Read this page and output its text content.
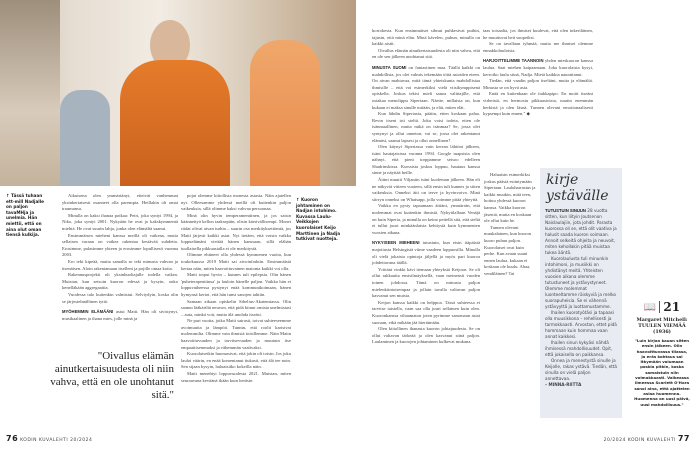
↑ Tässä tuhaan ett-mill Nadjalle on paljon tavaMHja ja unelmia. Hän miettii, että on aina olut oman tienså kulkija.
↑ Kuoron johtaminen on Nadjan intohimo. Kuvassa Laulu-Veikkojen kuorolaiset Keijo Marttinen ja Nadja tutkivat nuotteja.

Aikuisena olen ymmärtänyt, etteivät vanhemmat yksinkertaisesti osanneet olla parempia. Heillakin oli omat traumansa.

Minulla on kaksi ihanaa poikaa: Petri, joka syntyi 1994, ja Niko, joka syntyi 2001. Nykyään he ovat jo kakskymmentä miehiä. He ovat suurin lahja, jonka olen elämältä saanut.

Ensimmäisen mieheni kanssa meillä oli vaikeaa, mutta sellaisen varaan on vaikea rakentaa kestävää suhdetta. Erosimme, palasimme yhteen ja erosimme lopullisesti vuonna 2003.

Ero teki kipeää, mutta samalla se teki minusta vahvan ja itsenäisen. Aloin rakentamaan itselleni ja pojille omaa kotia.

Rakennusprojekti oli yksinhuoltajalle todella vaikea. Muistan, kun seisoin kuoron edessä ja kysyin, onko kenelläkään aggregaattia.

Vuodessa talo kuitenkin valmistui. Selviydyin, koska olin se järjestelmällinen tyttö.

MYÖHEMMIN ELÄMÄÄNI astui Matti. Hän oli sivistynyt, musikaalinen ja ihana mies, jolle minä ja

pojat olemme kiitollisia monesta asiasta. Näin ajatellen nyt. Olleesamme yhdessä meillä oli kuitenkin paljon vaikeuksia, sillä olimme kaksi vahvaa persoonaa.

Minä olin hyvin temperamenttinen, ja jos saisin käännettyä kellon taaksepäin, olisin kärsivällisempi. Monet riidat olivat aivan turhia – suurin osa merkityksettömiä, jos Matti järjesti kaikki asiat. Nyt tietäen, että voisin vaikka loppuelämäni viettää hänen kanssaan, sillä elähän tuollaisella pikkuasialla ei ole merkitystä.

Olimme ehtineet olla yhdessä kymmenen vuotta, kun toukokuussa 2019 Matti sai aivoinfarktin. Ensimmäistä kertaa näin, miten haavoittuvainen matonta kaikki voi olla.

Matti toipui hyvin – kunnes tuli epilepsia. Olin hänen 'puheterapeuttinsa' ja lauloin hänelle paljon. Vaikka hän ei loppuvaiheessa pystynyt enää kommunikoimaan, hänen hymynsä kertoi, että hän tunsi sanojen tahtiin.

Samaan aikaan opiskelin Sibelius-Akatemiassa. Olin saanut lääkäriltä neuvon, että pidä kiinni omista unelmistasi – auta, minkä voit, mutta älä unohda itseäsi.

Ne pari vuotta, jotka Matti sairasti, toivat suhteeseemme avoimuutta ja lämpöä. Tunnin, että roolit karisivat molemmilta. Olimme vain ihmisiä toisillemme. Näin Matin haavoittuvuuden ja tarvitsevuuden ja muutuin itse empaattisemmaksi ja vähemmän vaativaksi.

Kuorolaisetkin huomasivat, että jokin oli toisin. Jos joku lauloi väärin, en enää komentanut tiukasti, että älä tee noin. Sen sijaan kysyin, haluaisitko kokeilla näin.

Matti menehtyi loppuvuodesta 2021. Muistan, miten seuraavana keväänä ikään kuin heräsin

"Oivallus elämän ainutkertaisuudesta oli niin vahva, että en ole unohtanut sitä."
76 KODIN KUVALEHTI 20/2024

horrokesta. Kun ensimmäiset silmut puhkesivat puihin, tajusin, että minä elän. Minä kävelen, puhun, minulla on kaikki aistit.

Oivallus elämän ainutkertaisuudesta oli niin vahva, että en ole sen jälkeen unohtanut sitä.

MINUSTA SUOMI on fantastinen maa. Täällä kaikki on mahdollista, jos olet valmis tekemään töitä asioiden eteen. On aivan mahtavaa, mitä tämä yhteiskunta mahdollistaa ihmisille – että voi esimerkiksi vielä viisikymppisenä opiskella. Joskus tekisi mieli sanoa valittajille, että ostakaa menolippu Siperiaan. Näette, millaista on, kun kukaan ei maksa sinulle mitään, ja elät, miten elät.

Kun lähdin Siperiasta, päätin, etten koskaan palaa. Revin itseni irti sieltä. Joku voisi todeta, etten ole isänmaallinen, mutta mikä on isänmaa? Se, jossa olet syntynyt ja ollut onneton, vai se, jossa olet rakentanut elämäsi, saanut lapsesi ja ollut onnellinen?

Olen käynyt Siperiassa vain kerran lähtöni jälkeen, isäni hautajaisissa vuonna 1994. Google mapsista olen nähnyt, että pieni torppamme seisoo edelleen Shadrinskissa. Kurssista joskus loppuu, hautaus kanssa sinne ja näyttää heille.

Äitini muutti Viljaniin isäni kuoleman jälkeen. Hän eli ne näkyvät viiteen vuoteen, sillä ensin tuli kunnes ja sitten vaikeuksia. Onneksi äiti on terve ja hyvinvoiva. Minä siirryn onneksi on Whatsapp, jolla voimme pitää yhteyttä.

Vaikka en pysty tapaamaan äitiäni, ymmärrän, että molemmat ovat kuitenkin ihmisiä. Nykytilallaan Venäjä on kuin Siperia, ja minulla on keino peitellä sitä, että sieltä ei tullut juuri minkäänlaista kehitystä kuin kymmenien vuosien aikana.

NYKYISEEN MIEHEENI tutustuin, kun etsin itäpäistä majoitusta Helsingistä viime vaadeen loppuosilla. Minulla oli vielä jokaista opintoja jäljellä ja myös pari kuoroa johdettavana täällä.

Yrittäni vinkki kävi tiemaan yhteyksiä Keijoon. Se oli ollut rakkautta ensisilmäyksellä, vaan meinensit vuoden toinen johdossa. Tämä on minusta paljon mielenkiintoisempaa ja jollain tavalla valtavan paljon kasvanut sen muista.

Keijon kanssa kaikki on helppoa. Tässä suhteessa ei tarvitse taistella, vaan saa olla juuri sellainen kuin olen. Kuoronkanssa vihaamaton joten pyrimme sanomaan asiat suoraan, eikä mikään jää hiertämään.

Olen kiitollinen ihanasta kuoron johtajuudesta. Se on ollut valtavan tärkeää ja olen kasvanut siinä paljon. Laulaminen ja kuorojen johtaminen kulkevat mukana.

taas toisaalta, jos ihmiset kuulevat, että olen inkeriläinen, he muuttuvat heti suopeiksi.

Se on tavallaan tyhmää, mutta me ihmiset olemme ennakkoluuloisia.

HARJOITTELIMME TAANNOIN yhden mieskuoron kanssa laulua. Saat miehen kaipaamaan. Joka kuorolaista kysyi, kerroiko laulu siinä, Nadja. Mietä kaikkia naurattanut.

Tiedän, että vaadin paljon itseltäni, mutta ja elämältä. Minusta se on hyvä asia.

Enää en kuitenkaan ole tiukkapipo. En moiti itseäni virheistä, en hermostu pikkuasioista, nautin enemmän herkistä ja olen läsnä. Tunnen olevani emotionaalisesti kypsempi kuin ennen." ◆

Haluaisin esimerkiksi joskus päästä esiintymään Siperiaan. Lauluharrastus ja kaikki muukin, mitä teen, hoituu yhdessä kuoron kanssa. Vaikka kuoron jäseniä, mutta en koskaan ole ollut kuin he.

Tunnen olevani muukalainen, kun kuoron kuoro puhuu paljon. Kuorolaiset ovat kuin perhe. Kun avaan suuni ennen laulua, kukaan ei koskaan ole kuulu. Ahaa, vendiläinen? Tai

kirje ystävälle

TUTUSTUIN SINUUN 28 vuotta sitten, kun liityin Joutsenon Naislaulajiin, jota johdit. Parasta kuorossa oli se, että olit vaativa ja halusit saada kuoron soimaan. Annoit selkeitä ohjeita ja neuvoit, miten kehollakin pitää muistaa tukea ääntä.

Kuorolaulusta tuli minunkin intohimoni, ja musiikki on yhdistänyt meitä. Yhteisten vuosien aikana olemme tutustuneet ja ystävystyneet. Olemme molemmat luonteeltamme räiskyviä ja melko suorapuheisia. Se ei vähennä ystävyyttä ja luottamustamme.

Ihailen kuorotyötäsi ja tapaasi olla muusikkona – rehellisesti ja tarmokkaasti. Arvostan, ettet pidä hommaan kuin hommaa vaan annat kaikkesi.

Ihailen sinun kykyäsi nähdä ihmisessä mahdollisuudet. Opit, että jokaisella on paikkansa.

Onnea ja menestystä sinulle ja Keijolle, rakas ystävä. Tiedän, että sinulla on vielä paljon annettavaa.

– MINNA-RIITTA

📖 21
Margaret Mitchell: TUULEN VIEMÄÄ (1936)
"Luin kirjan kauan sitten ensin jälkeen. Olin haavoittuvassa tilassa, ja eräs kohtaus sai itkymään valumaan poskia pitkin, koska samaistuin niin voimakkaasti. Valkeassa ilmeessa Scarlett O'Hara sanoi aina, että ajattelen asiaa huomenna. Huomenna on uusi päivä, uusi mahdollisuus."
20/2024 KODIN KUVALEHTI 77
